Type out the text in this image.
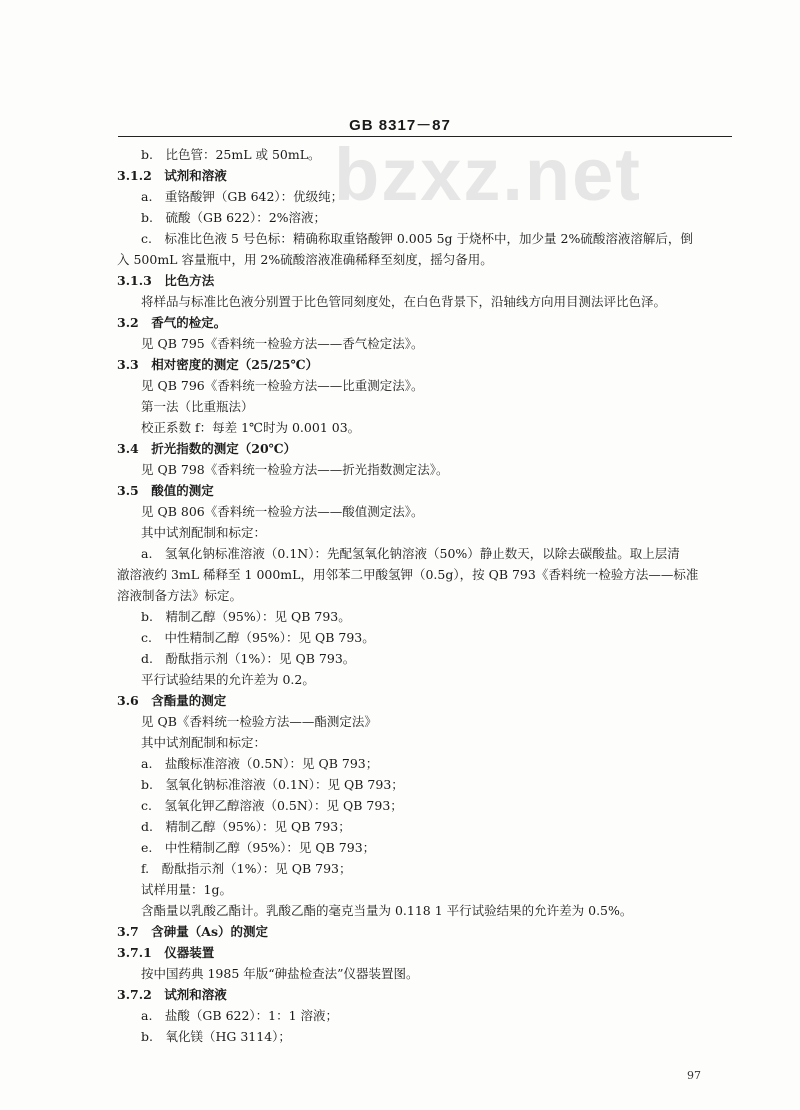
GB 8317－87
bzxz.net
b.　比色管：25mL 或 50mL。
3.1.2　试剂和溶液
a.　重铬酸钾（GB 642）：优级纯；
b.　硫酸（GB 622）：2%溶液；
c.　标准比色液 5 号色标：精确称取重铬酸钾 0.005 5g 于烧杯中，加少量 2%硫酸溶液溶解后，倒
入 500mL 容量瓶中，用 2%硫酸溶液准确稀释至刻度，摇匀备用。
3.1.3　比色方法
将样品与标准比色液分别置于比色管同刻度处，在白色背景下，沿轴线方向用目测法评比色泽。
3.2　香气的检定。
见 QB 795《香料统一检验方法——香气检定法》。
3.3　相对密度的测定（25/25℃）
见 QB 796《香料统一检验方法——比重测定法》。
第一法（比重瓶法）
校正系数 f：每差 1℃时为 0.001 03。
3.4　折光指数的测定（20℃）
见 QB 798《香料统一检验方法——折光指数测定法》。
3.5　酸值的测定
见 QB 806《香料统一检验方法——酸值测定法》。
其中试剂配制和标定：
a.　氢氧化钠标准溶液（0.1N）：先配氢氧化钠溶液（50%）静止数天，以除去碳酸盐。取上层清
澈溶液约 3mL 稀释至 1 000mL，用邻苯二甲酸氢钾（0.5g），按 QB 793《香料统一检验方法——标准
溶液制备方法》标定。
b.　精制乙醇（95%）：见 QB 793。
c.　中性精制乙醇（95%）：见 QB 793。
d.　酚酞指示剂（1%）：见 QB 793。
平行试验结果的允许差为 0.2。
3.6　含酯量的测定
见 QB《香料统一检验方法——酯测定法》
其中试剂配制和标定：
a.　盐酸标准溶液（0.5N）：见 QB 793；
b.　氢氧化钠标准溶液（0.1N）：见 QB 793；
c.　氢氧化钾乙醇溶液（0.5N）：见 QB 793；
d.　精制乙醇（95%）：见 QB 793；
e.　中性精制乙醇（95%）：见 QB 793；
f.　酚酞指示剂（1%）：见 QB 793；
试样用量：1g。
含酯量以乳酸乙酯计。乳酸乙酯的毫克当量为 0.118 1 平行试验结果的允许差为 0.5%。
3.7　含砷量（As）的测定
3.7.1　仪器装置
按中国药典 1985 年版“砷盐检查法”仪器装置图。
3.7.2　试剂和溶液
a.　盐酸（GB 622）：1：1 溶液；
b.　氧化镁（HG 3114）；
97
